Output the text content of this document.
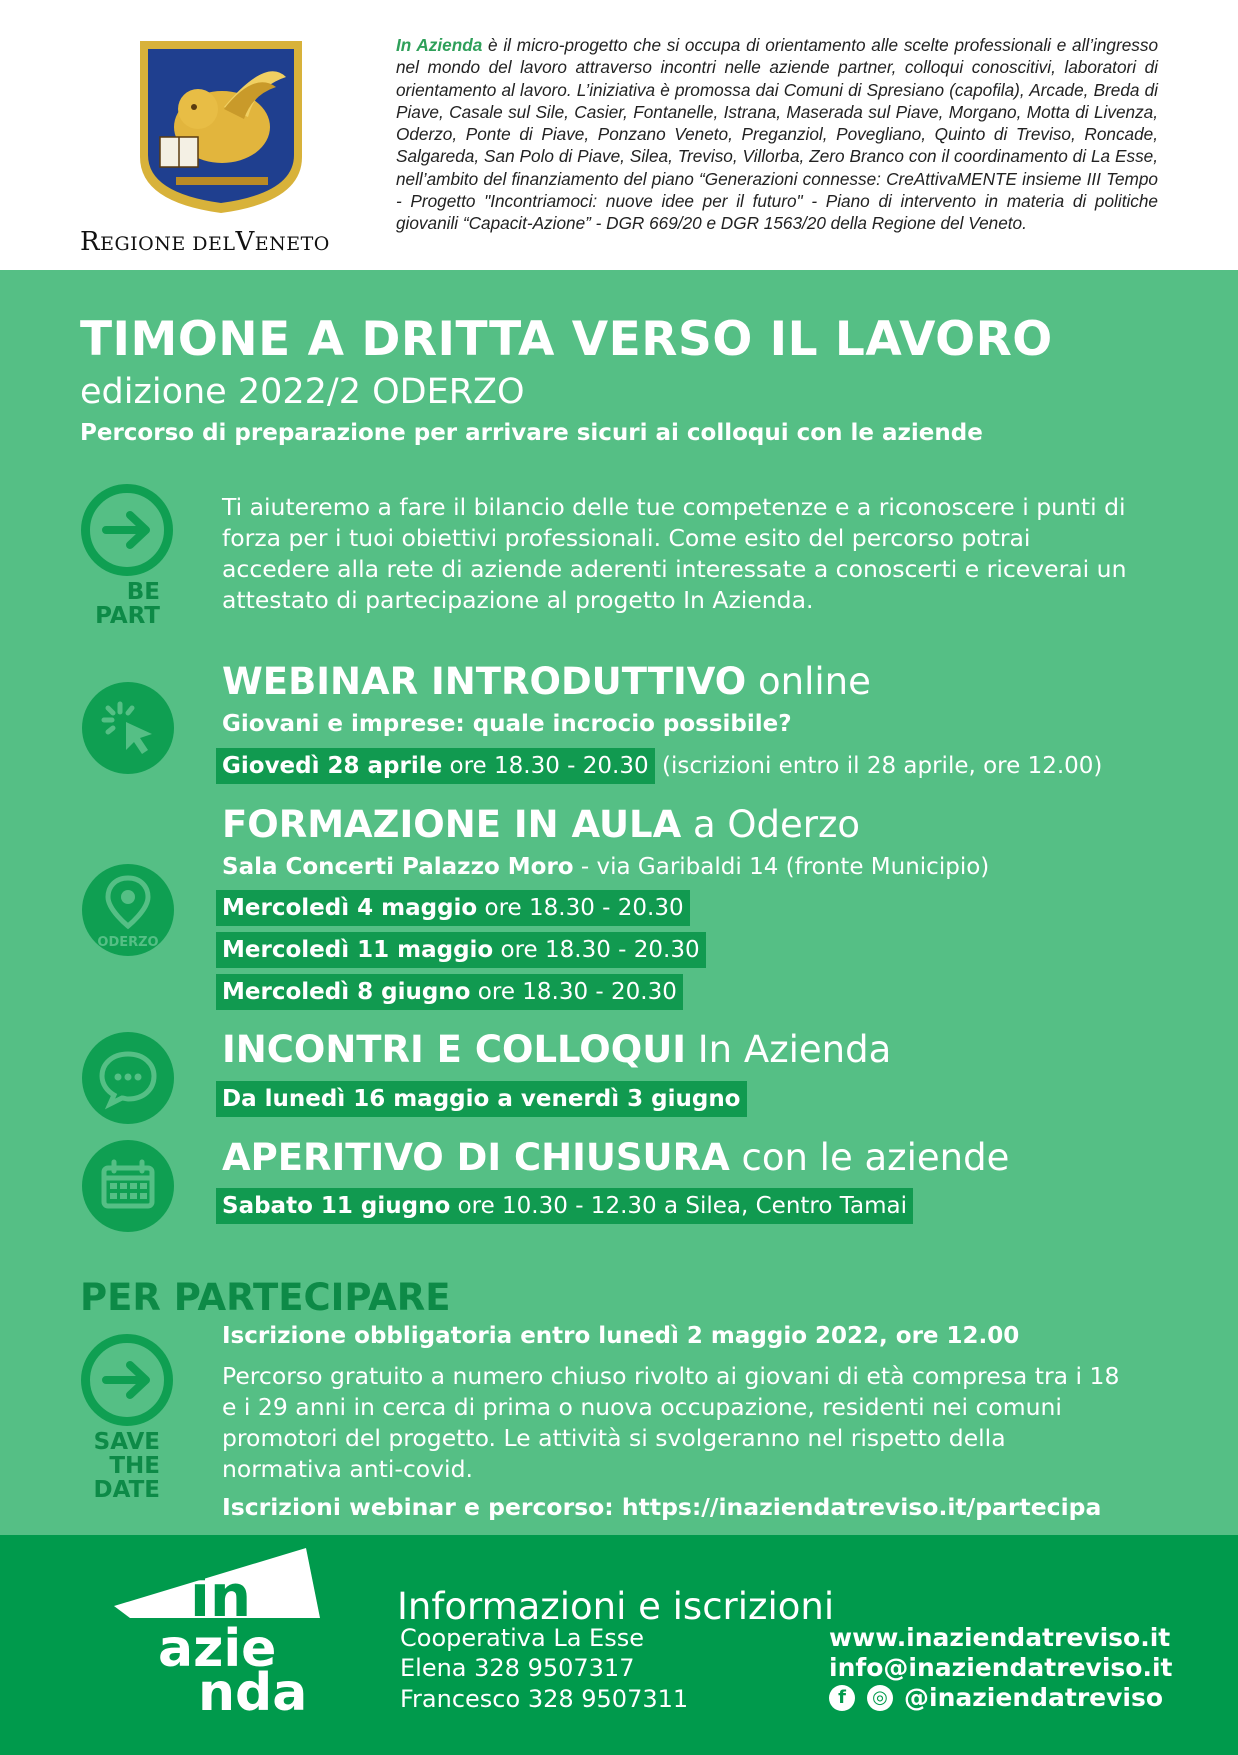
REGIONE DELVENETO
In Azienda è il micro-progetto che si occupa di orientamento alle scelte professionali e all’ingresso nel mondo del lavoro attraverso incontri nelle aziende partner, colloqui conoscitivi, laboratori di orientamento al lavoro. L’iniziativa è promossa dai Comuni di Spresiano (capofila), Arcade, Breda di Piave, Casale sul Sile, Casier, Fontanelle, Istrana, Maserada sul Piave, Morgano, Motta di Livenza, Oderzo, Ponte di Piave, Ponzano Veneto, Preganziol, Povegliano, Quinto di Treviso, Roncade, Salgareda, San Polo di Piave, Silea, Treviso, Villorba, Zero Branco con il coordinamento di La Esse, nell’ambito del finanziamento del piano “Generazioni connesse: CreAttivaMENTE insieme III Tempo - Progetto "Incontriamoci: nuove idee per il futuro" - Piano di intervento in materia di politiche giovanili “Capacit-Azione” - DGR 669/20 e DGR 1563/20 della Regione del Veneto.
TIMONE A DRITTA VERSO IL LAVORO
edizione 2022/2 ODERZO
Percorso di preparazione per arrivare sicuri ai colloqui con le aziende
BE
PART
Ti aiuteremo a fare il bilancio delle tue competenze e a riconoscere i punti di forza per i tuoi obiettivi professionali. Come esito del percorso potrai accedere alla rete di aziende aderenti interessate a conoscerti e riceverai un attestato di partecipazione al progetto In Azienda.
WEBINAR INTRODUTTIVO online
Giovani e imprese: quale incrocio possibile?
Giovedì 28 aprile ore 18.30 - 20.30 (iscrizioni entro il 28 aprile, ore 12.00)
FORMAZIONE IN AULA a Oderzo
Sala Concerti Palazzo Moro - via Garibaldi 14 (fronte Municipio)
ODERZO
Mercoledì 4 maggio ore 18.30 - 20.30
Mercoledì 11 maggio ore 18.30 - 20.30
Mercoledì 8 giugno ore 18.30 - 20.30
INCONTRI E COLLOQUI In Azienda
Da lunedì 16 maggio a venerdì 3 giugno
APERITIVO DI CHIUSURA con le aziende
Sabato 11 giugno ore 10.30 - 12.30 a Silea, Centro Tamai
PER PARTECIPARE
Iscrizione obbligatoria entro lunedì 2 maggio 2022, ore 12.00
SAVE
THE
DATE
Percorso gratuito a numero chiuso rivolto ai giovani di età compresa tra i 18 e i 29 anni in cerca di prima o nuova occupazione, residenti nei comuni promotori del progetto. Le attività si svolgeranno nel rispetto della normativa anti-covid.
Iscrizioni webinar e percorso: https://inaziendatreviso.it/partecipa
in
azie
nda
Informazioni e iscrizioni
Cooperativa La Esse
Elena 328 9507317
Francesco 328 9507311
www.inaziendatreviso.it
info@inaziendatreviso.it
f	◎ @inaziendatreviso
